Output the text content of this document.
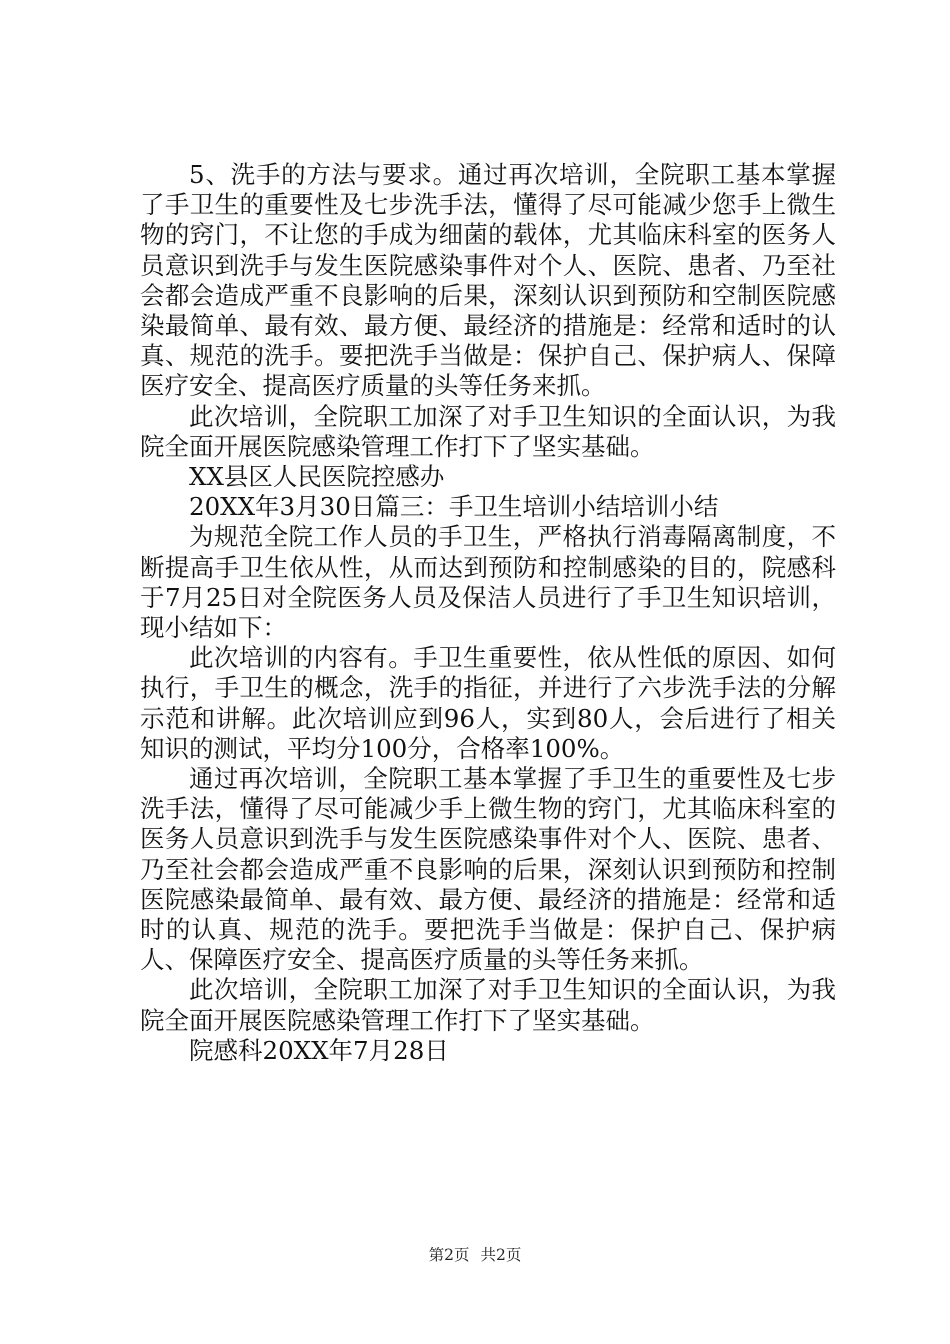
5、洗手的方法与要求。通过再次培训，全院职工基本掌握了手卫生的重要性及七步洗手法，懂得了尽可能减少您手上微生物的窍门，不让您的手成为细菌的载体，尤其临床科室的医务人员意识到洗手与发生医院感染事件对个人、医院、患者、乃至社会都会造成严重不良影响的后果，深刻认识到预防和空制医院感染最简单、最有效、最方便、最经济的措施是：经常和适时的认真、规范的洗手。要把洗手当做是：保护自己、保护病人、保障医疗安全、提高医疗质量的头等任务来抓。

此次培训，全院职工加深了对手卫生知识的全面认识，为我院全面开展医院感染管理工作打下了坚实基础。

XX县区人民医院控感办

20XX年3月30日篇三：手卫生培训小结培训小结

为规范全院工作人员的手卫生，严格执行消毒隔离制度，不断提高手卫生依从性，从而达到预防和控制感染的目的，院感科于7月25日对全院医务人员及保洁人员进行了手卫生知识培训，现小结如下：

此次培训的内容有。手卫生重要性，依从性低的原因、如何执行，手卫生的概念，洗手的指征，并进行了六步洗手法的分解示范和讲解。此次培训应到96人，实到80人，会后进行了相关知识的测试，平均分100分，合格率100%。

通过再次培训，全院职工基本掌握了手卫生的重要性及七步洗手法，懂得了尽可能减少手上微生物的窍门，尤其临床科室的医务人员意识到洗手与发生医院感染事件对个人、医院、患者、乃至社会都会造成严重不良影响的后果，深刻认识到预防和控制医院感染最简单、最有效、最方便、最经济的措施是：经常和适时的认真、规范的洗手。要把洗手当做是：保护自己、保护病人、保障医疗安全、提高医疗质量的头等任务来抓。

此次培训，全院职工加深了对手卫生知识的全面认识，为我院全面开展医院感染管理工作打下了坚实基础。

院感科20XX年7月28日

第2页 共2页
